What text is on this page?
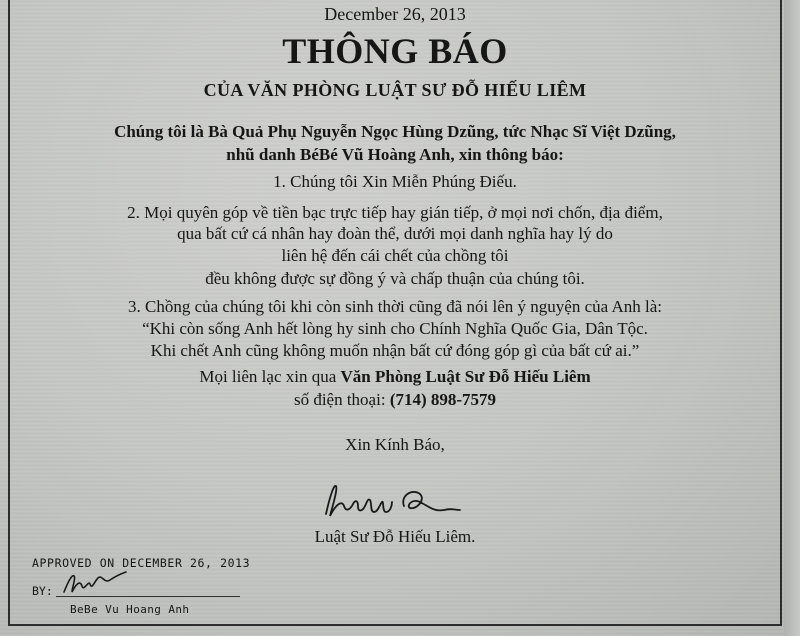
December 26, 2013
THÔNG BÁO
CỦA VĂN PHÒNG LUẬT SƯ ĐỖ HIẾU LIÊM
Chúng tôi là Bà Quả Phụ Nguyễn Ngọc Hùng Dzũng, tức Nhạc Sĩ Việt Dzũng,
nhũ danh BéBé Vũ Hoàng Anh, xin thông báo:
1. Chúng tôi Xin Miễn Phúng Điếu.
2. Mọi quyên góp về tiền bạc trực tiếp hay gián tiếp, ở mọi nơi chốn, địa điểm,
qua bất cứ cá nhân hay đoàn thể, dưới mọi danh nghĩa hay lý do
liên hệ đến cái chết của chồng tôi
đều không được sự đồng ý và chấp thuận của chúng tôi.
3. Chồng của chúng tôi khi còn sinh thời cũng đã nói lên ý nguyện của Anh là:
“Khi còn sống Anh hết lòng hy sinh cho Chính Nghĩa Quốc Gia, Dân Tộc.
Khi chết Anh cũng không muốn nhận bất cứ đóng góp gì của bất cứ ai.”
Mọi liên lạc xin qua Văn Phòng Luật Sư Đỗ Hiếu Liêm
số điện thoại: (714) 898-7579
Xin Kính Báo,
Luật Sư Đỗ Hiếu Liêm.
APPROVED ON DECEMBER 26, 2013
BY:
BeBe Vu Hoang Anh
